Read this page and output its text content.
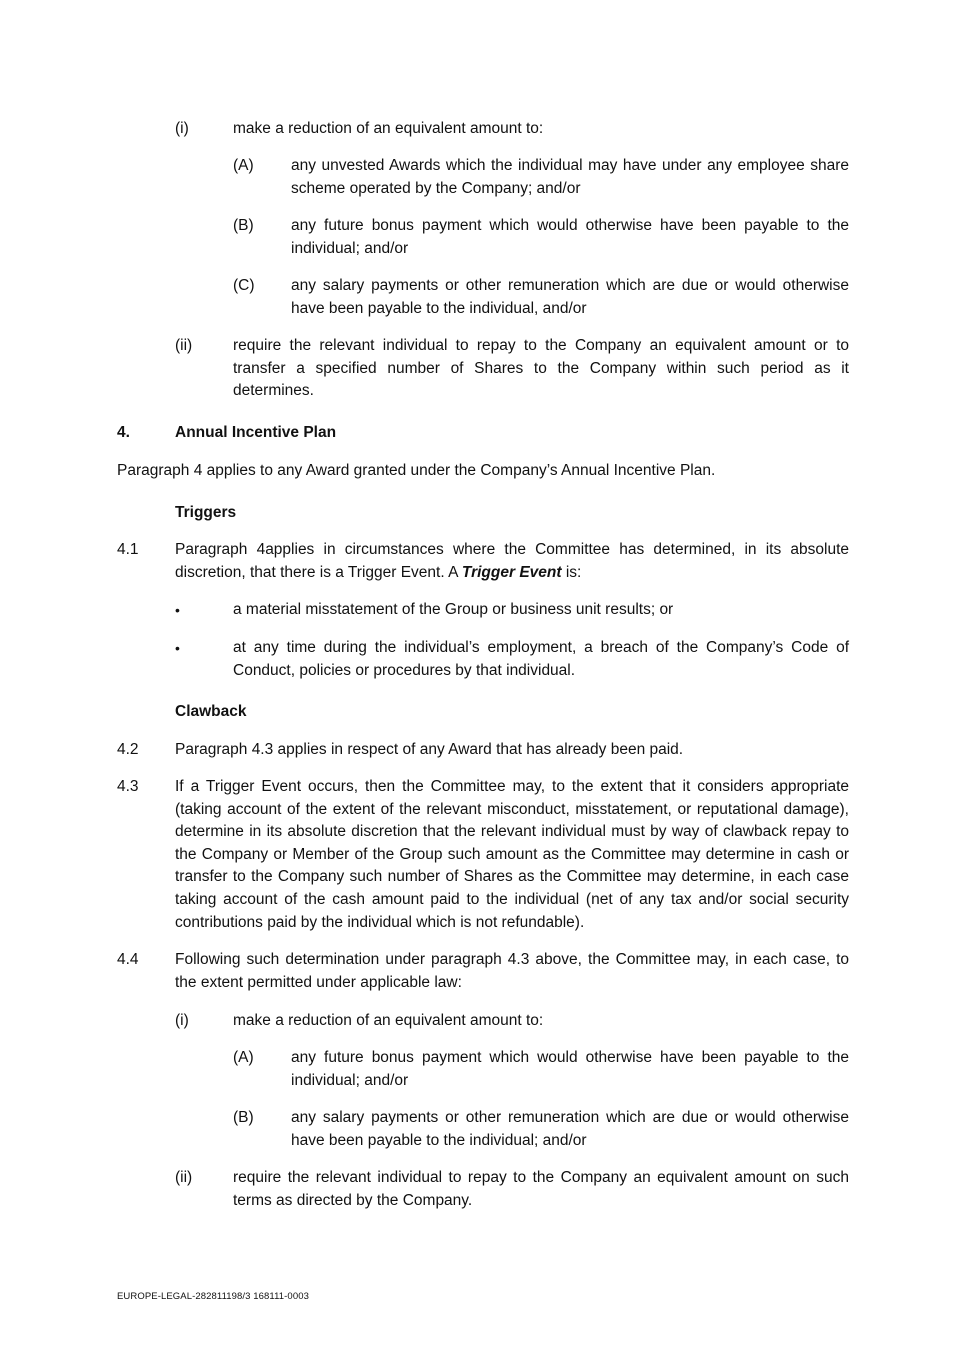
(i)	make a reduction of an equivalent amount to:
(A) any unvested Awards which the individual may have under any employee share scheme operated by the Company; and/or
(B) any future bonus payment which would otherwise have been payable to the individual; and/or
(C) any salary payments or other remuneration which are due or would otherwise have been payable to the individual, and/or
(ii)	require the relevant individual to repay to the Company an equivalent amount or to transfer a specified number of Shares to the Company within such period as it determines.
4.	Annual Incentive Plan
Paragraph 4 applies to any Award granted under the Company’s Annual Incentive Plan.
Triggers
4.1 Paragraph 4applies in circumstances where the Committee has determined, in its absolute discretion, that there is a Trigger Event. A Trigger Event is:
•	a material misstatement of the Group or business unit results; or
•	at any time during the individual’s employment, a breach of the Company’s Code of Conduct, policies or procedures by that individual.
Clawback
4.2 Paragraph 4.3 applies in respect of any Award that has already been paid.
4.3 If a Trigger Event occurs, then the Committee may, to the extent that it considers appropriate (taking account of the extent of the relevant misconduct, misstatement, or reputational damage), determine in its absolute discretion that the relevant individual must by way of clawback repay to the Company or Member of the Group such amount as the Committee may determine in cash or transfer to the Company such number of Shares as the Committee may determine, in each case taking account of the cash amount paid to the individual (net of any tax and/or social security contributions paid by the individual which is not refundable).
4.4 Following such determination under paragraph 4.3 above, the Committee may, in each case, to the extent permitted under applicable law:
(i)	make a reduction of an equivalent amount to:
(A) any future bonus payment which would otherwise have been payable to the individual; and/or
(B) any salary payments or other remuneration which are due or would otherwise have been payable to the individual; and/or
(ii)	require the relevant individual to repay to the Company an equivalent amount on such terms as directed by the Company.
EUROPE-LEGAL-282811198/3 168111-0003
